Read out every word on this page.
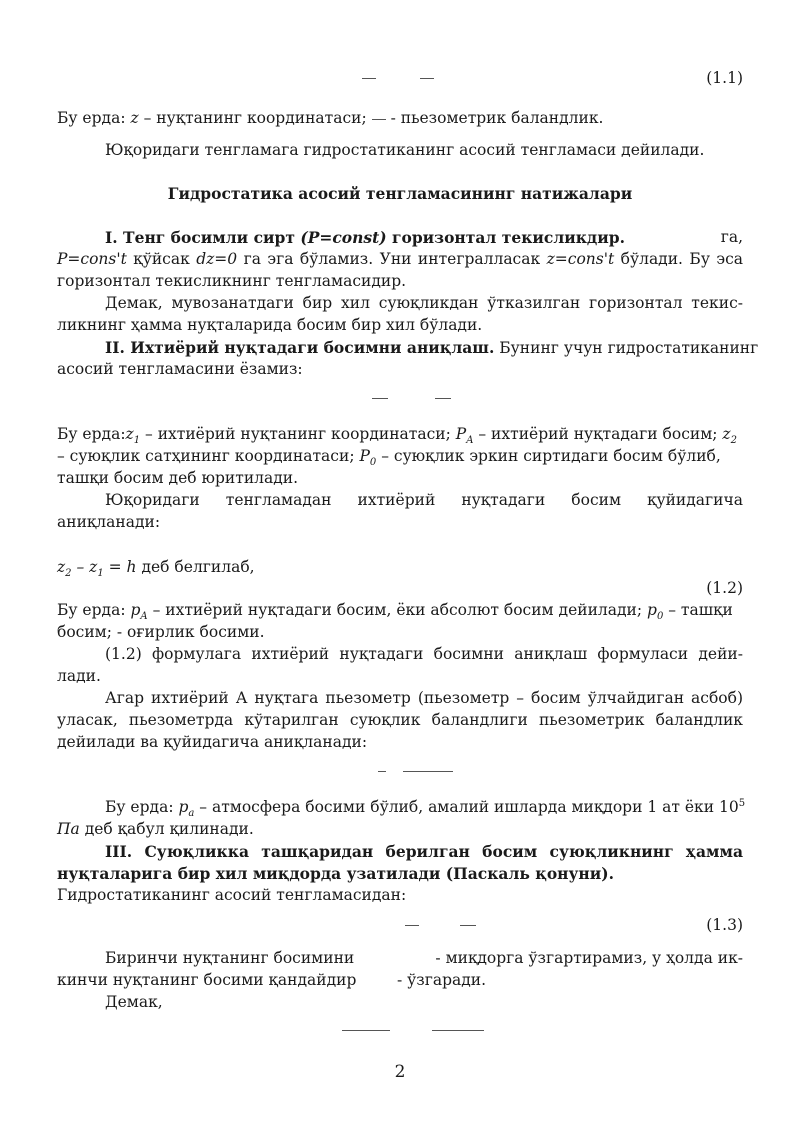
(1.1)
Бу ерда: z – нуқтанинг координатаси;  - пьезометрик баландлик.
Юқоридаги тенгламага гидростатиканинг асосий тенгламаси дейилади.
Гидростатика асосий тенгламасининг натижалари
I. Тенг босимли сирт (P=const) горизонтал текисликдир.	га,
P=cons't қўйсак dz=0 га эга бўламиз. Уни интегралласак z=cons't бўлади. Бу эса
горизонтал текисликнинг тенгламасидир.
Демак, мувозанатдаги бир хил суюқликдан ўтказилган горизонтал текис-
ликнинг ҳамма нуқталарида босим бир хил бўлади.
II. Ихтиёрий нуқтадаги босимни аниқлаш. Бунинг учун гидростатиканинг
асосий тенгламасини ёзамиз:
Бу $ерда:z_1$ – ихтиёрий нуқтанинг координатаси; $P_A$ – ихтиёрий нуқтадаги босим; $z_2$
– суюқлик сатҳининг координатаси; $P_0$ – суюқлик эркин сиртидаги босим бўлиб,
ташқи босим деб юритилади.
Юқоридаги тенгламадан ихтиёрий нуқтадаги босим қуйидагича
аниқланади:
$z_2 - z_1 = h$ деб белгилаб,
(1.2)
Бу ерда: $p_A$ – ихтиёрий нуқтадаги босим, ёки абсолют босим дейилади; $p_0$ – ташқи
босим; - оғирлик босими.
(1.2) формулага ихтиёрий нуқтадаги босимни аниқлаш формуласи дейи-
лади.
Агар ихтиёрий А нуқтага пьезометр (пьезометр – босим ўлчайдиган асбоб)
уласак, пьезометрда кўтарилган суюқлик баландлиги пьезометрик баландлик
дейилади ва қуйидагича аниқланади:
Бу ерда: $p_a$ – атмосфера босими бўлиб, амалий ишларда миқдори 1 ат ёки $10^5$
Па деб қабул қилинади.
III. Суюқликка ташқаридан берилган босим суюқликнинг ҳамма
нуқталарига бир хил миқдорда узатилади (Паскаль қонуни).
Гидростатиканинг асосий тенгламасидан:
(1.3)
Биринчи нуқтанинг босимини	- миқдорга ўзгартирамиз, у ҳолда ик-
кинчи нуқтанинг босими қандайдир	- ўзгаради.
Демак,
2
